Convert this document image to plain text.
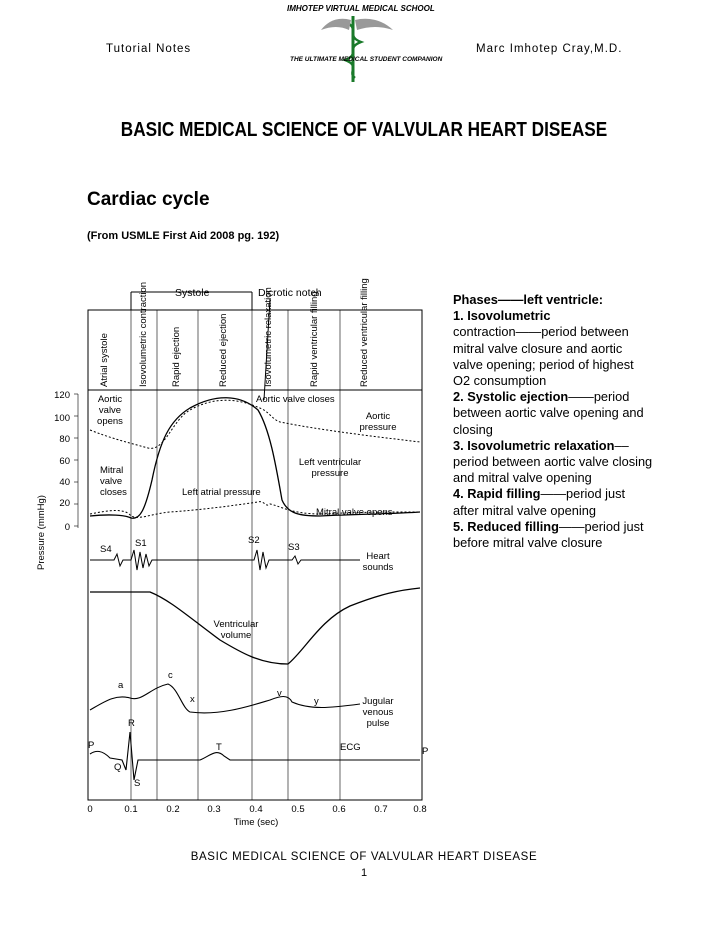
Tutorial Notes
IMHOTEP VIRTUAL MEDICAL SCHOOL
THE ULTIMATE MEDICAL STUDENT COMPANION
Marc Imhotep Cray,M.D.
BASIC MEDICAL SCIENCE OF VALVULAR HEART DISEASE
Cardiac cycle
(From USMLE First Aid 2008 pg. 192)
Systole	Dicrotic notch
Atrial systole	Isovolumetric contraction Rapid ejection	Reduced ejection	Isovolumetric relaxation	Rapid ventricular filling	Reduced ventricular filling
Pressure (mmHg)
120
100
80
60
40
20
0
Aortic
valve
opens
Aortic valve closes
Aortic
pressure
Left ventricular
pressure
Mitral
valve
closes	Left atrial pressure
Mitral valve opens
S4
S1	S2
S3
Heart
sounds
Ventricular
volume
a
c
x
v
y	Jugular
venous
pulse
P
R
Q
S
T	P
ECG
0	0.1	0.2	0.3	0.4	0.5	0.6	0.7	0.8
Time (sec)
Phases——left ventricle:
1. Isovolumetric
contraction——period between mitral valve closure and aortic valve opening; period of highest O2 consumption
2. Systolic ejection——period between aortic valve opening and closing
3. Isovolumetric relaxation––period between aortic valve closing and mitral valve opening
4. Rapid filling——period just after mitral valve opening
5. Reduced filling——period just before mitral valve closure
BASIC MEDICAL SCIENCE OF VALVULAR HEART DISEASE
1
